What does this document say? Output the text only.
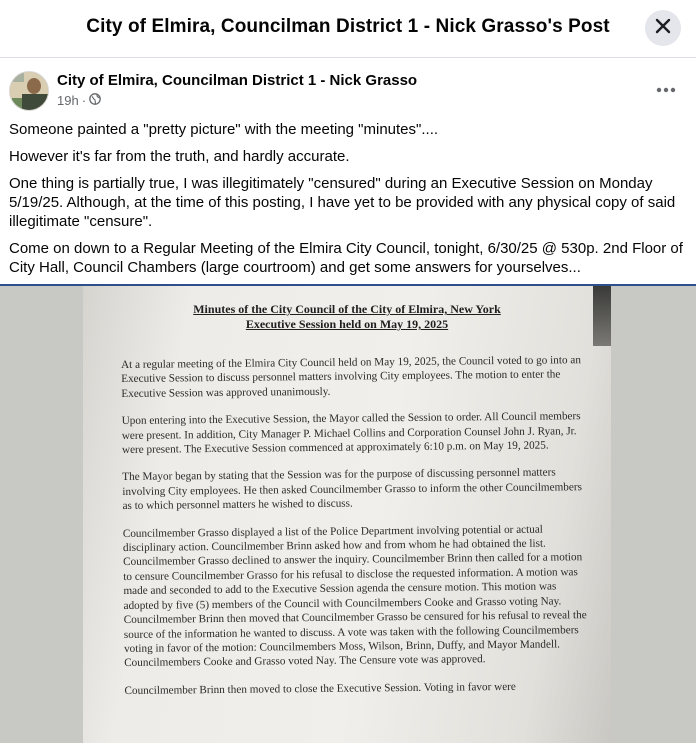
City of Elmira, Councilman District 1 - Nick Grasso's Post
City of Elmira, Councilman District 1 - Nick Grasso
19h ·

Someone painted a "pretty picture" with the meeting "minutes"....

However it's far from the truth, and hardly accurate.

One thing is partially true, I was illegitimately "censured" during an Executive Session on Monday 5/19/25. Although, at the time of this posting, I have yet to be provided with any physical copy of said illegitimate "censure".

Come on down to a Regular Meeting of the Elmira City Council, tonight, 6/30/25 @ 530p. 2nd Floor of City Hall, Council Chambers (large courtroom) and get some answers for yourselves...

Minutes of the City Council of the City of Elmira, New York
Executive Session held on May 19, 2025

At a regular meeting of the Elmira City Council held on May 19, 2025, the Council voted to go into an Executive Session to discuss personnel matters involving City employees. The motion to enter the Executive Session was approved unanimously.

Upon entering into the Executive Session, the Mayor called the Session to order. All Council members were present. In addition, City Manager P. Michael Collins and Corporation Counsel John J. Ryan, Jr. were present. The Executive Session commenced at approximately 6:10 p.m. on May 19, 2025.

The Mayor began by stating that the Session was for the purpose of discussing personnel matters involving City employees. He then asked Councilmember Grasso to inform the other Councilmembers as to which personnel matters he wished to discuss.

Councilmember Grasso displayed a list of the Police Department involving potential or actual disciplinary action. Councilmember Brinn asked how and from whom he had obtained the list. Councilmember Grasso declined to answer the inquiry. Councilmember Brinn then called for a motion to censure Councilmember Grasso for his refusal to disclose the requested information. A motion was made and seconded to add to the Executive Session agenda the censure motion. This motion was adopted by five (5) members of the Council with Councilmembers Cooke and Grasso voting Nay. Councilmember Brinn then moved that Councilmember Grasso be censured for his refusal to reveal the source of the information he wanted to discuss. A vote was taken with the following Councilmembers voting in favor of the motion: Councilmembers Moss, Wilson, Brinn, Duffy, and Mayor Mandell. Councilmembers Cooke and Grasso voted Nay. The Censure vote was approved.

Councilmember Brinn then moved to close the Executive Session. Voting in favor were
